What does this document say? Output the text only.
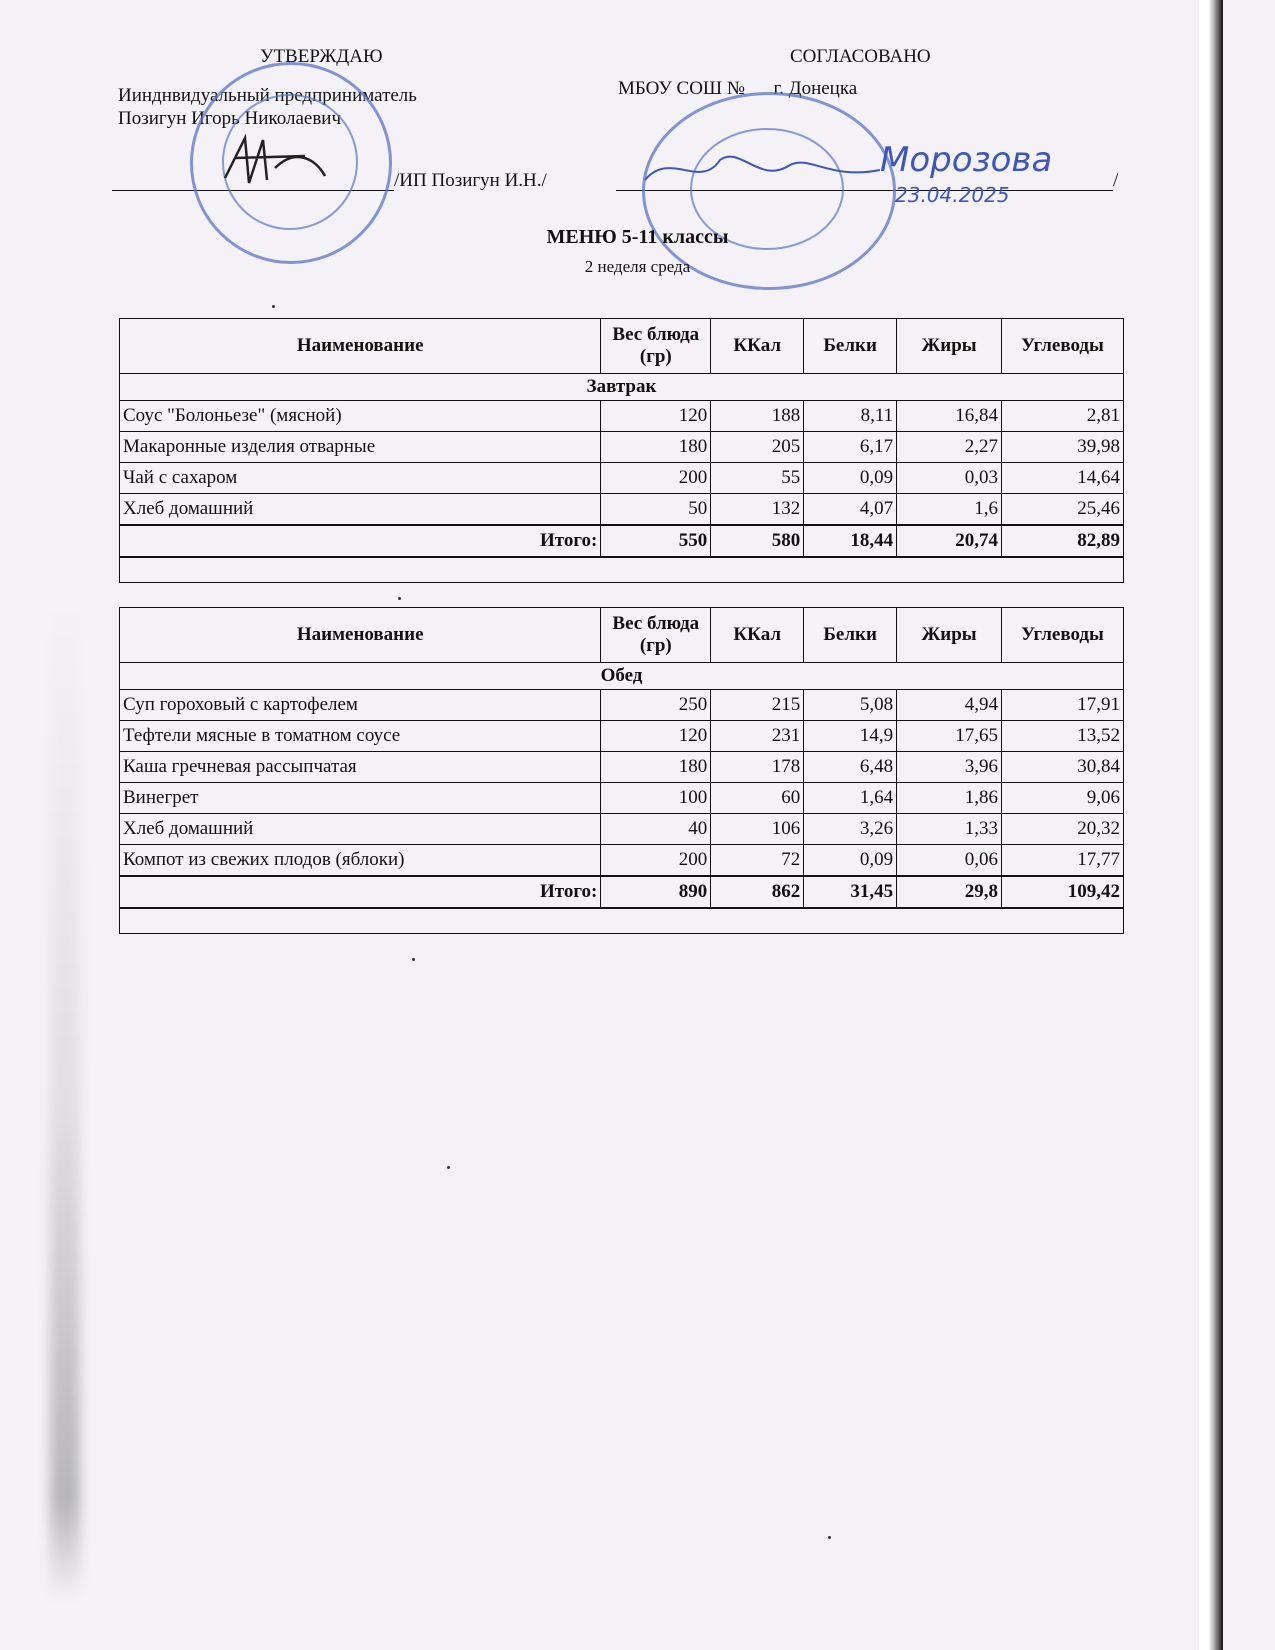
УТВЕРЖДАЮ
Иинднвидуальный предприниматель
Позигун Игорь Николаевич
/ИП Позигун И.Н./
СОГЛАСОВАНО
МБОУ СОШ №      г. Донецка
/
Морозова
23.04.2025
МЕНЮ 5-11 классы
2 неделя среда
Наименование	Вес блюда (гр)	ККал	Белки	Жиры	Углеводы
Завтрак					
Соус "Болоньезе" (мясной)	120	188	8,11	16,84	2,81
Макаронные изделия отварные	180	205	6,17	2,27	39,98
Чай с сахаром	200	55	0,09	0,03	14,64
Хлеб домашний	50	132	4,07	1,6	25,46
Итого:	550	580	18,44	20,74	82,89

Наименование	Вес блюда (гр)	ККал	Белки	Жиры	Углеводы
Обед					
Суп гороховый с картофелем	250	215	5,08	4,94	17,91
Тефтели мясные в томатном соусе	120	231	14,9	17,65	13,52
Каша гречневая рассыпчатая	180	178	6,48	3,96	30,84
Винегрет	100	60	1,64	1,86	9,06
Хлеб домашний	40	106	3,26	1,33	20,32
Компот из свежих плодов (яблоки)	200	72	0,09	0,06	17,77
Итого:	890	862	31,45	29,8	109,42
